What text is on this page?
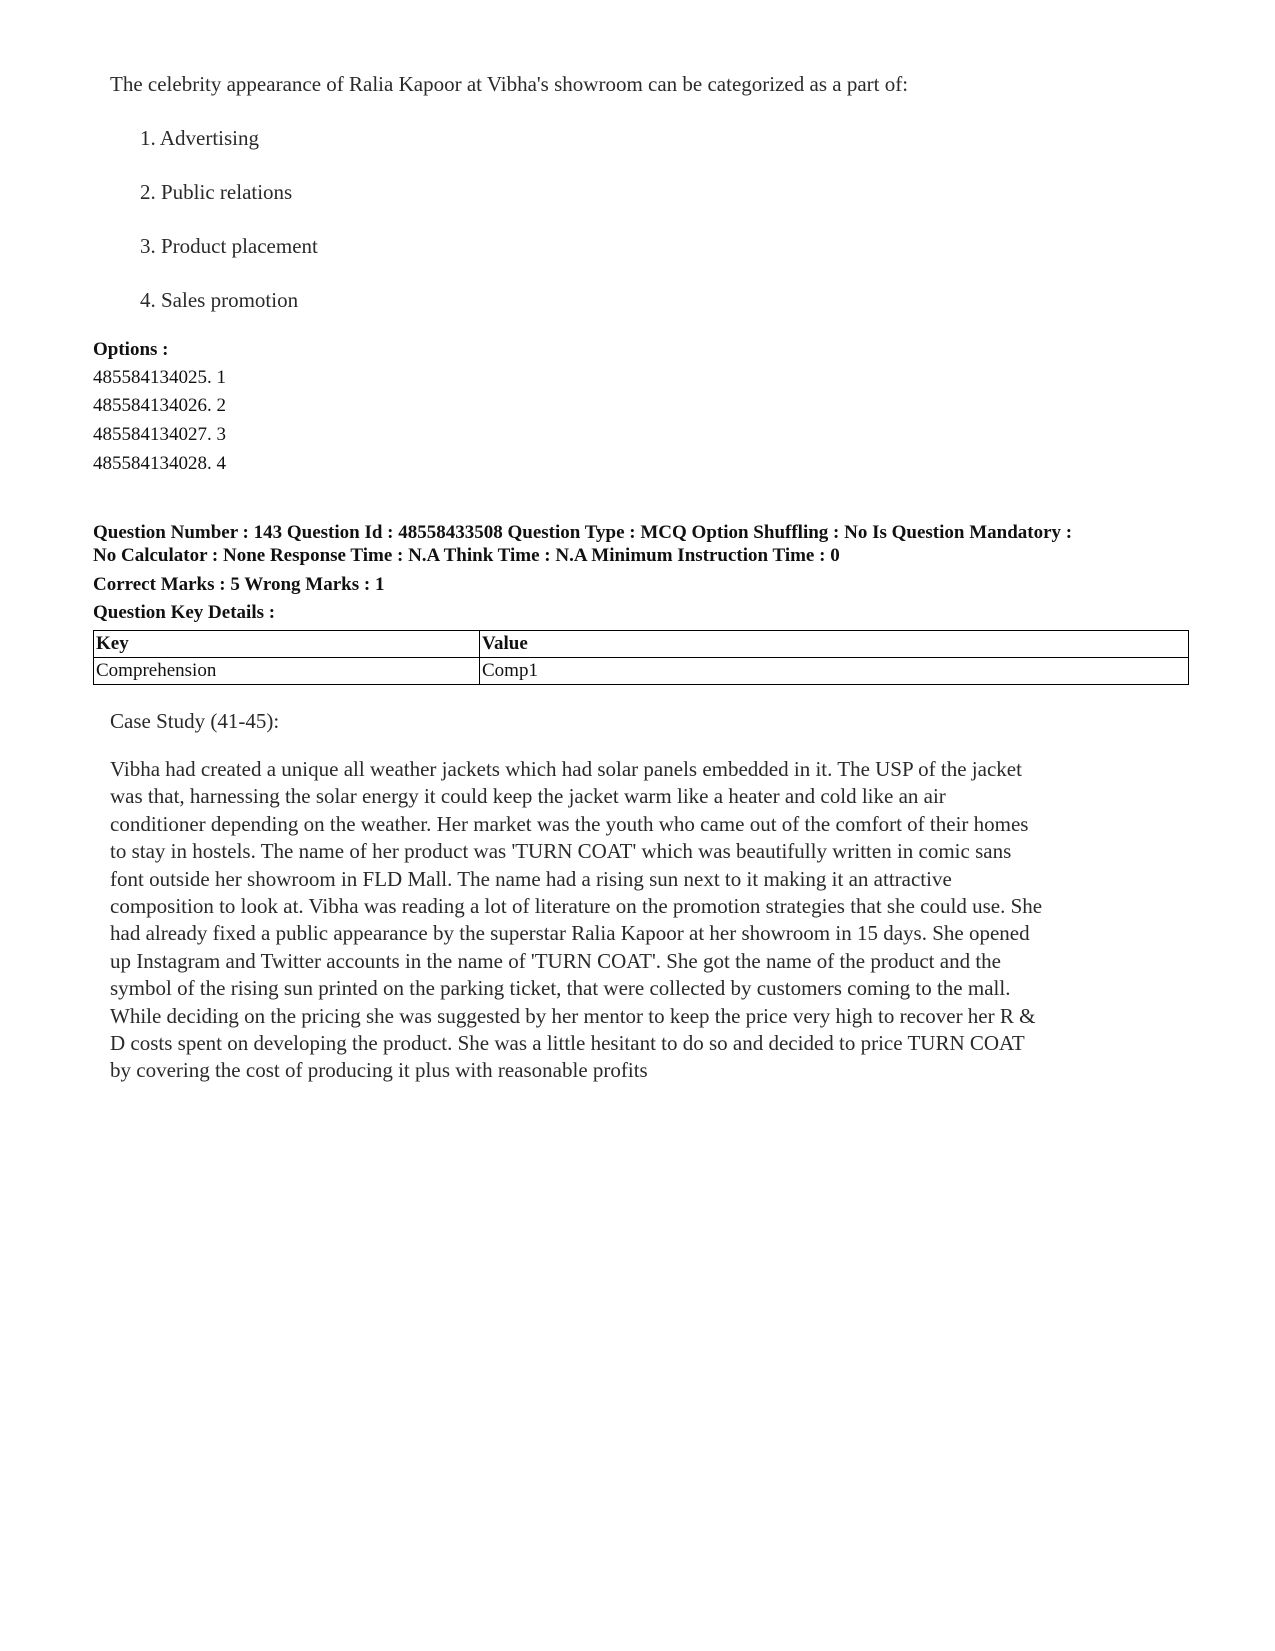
The celebrity appearance of Ralia Kapoor at Vibha's showroom can be categorized as a part of:
1. Advertising
2. Public relations
3. Product placement
4. Sales promotion
Options :
485584134025. 1
485584134026. 2
485584134027. 3
485584134028. 4
Question Number : 143 Question Id : 48558433508 Question Type : MCQ Option Shuffling : No Is Question Mandatory :
No Calculator : None Response Time : N.A Think Time : N.A Minimum Instruction Time : 0
Correct Marks : 5 Wrong Marks : 1
Question Key Details :
Key	Value
Comprehension	Comp1
Case Study (41-45):
Vibha had created a unique all weather jackets which had solar panels embedded in it. The USP of the jacket
was that, harnessing the solar energy it could keep the jacket warm like a heater and cold like an air
conditioner depending on the weather. Her market was the youth who came out of the comfort of their homes
to stay in hostels. The name of her product was 'TURN COAT' which was beautifully written in comic sans
font outside her showroom in FLD Mall. The name had a rising sun next to it making it an attractive
composition to look at. Vibha was reading a lot of literature on the promotion strategies that she could use. She
had already fixed a public appearance by the superstar Ralia Kapoor at her showroom in 15 days. She opened
up Instagram and Twitter accounts in the name of 'TURN COAT'. She got the name of the product and the
symbol of the rising sun printed on the parking ticket, that were collected by customers coming to the mall.
While deciding on the pricing she was suggested by her mentor to keep the price very high to recover her R &
D costs spent on developing the product. She was a little hesitant to do so and decided to price TURN COAT
by covering the cost of producing it plus with reasonable profits
